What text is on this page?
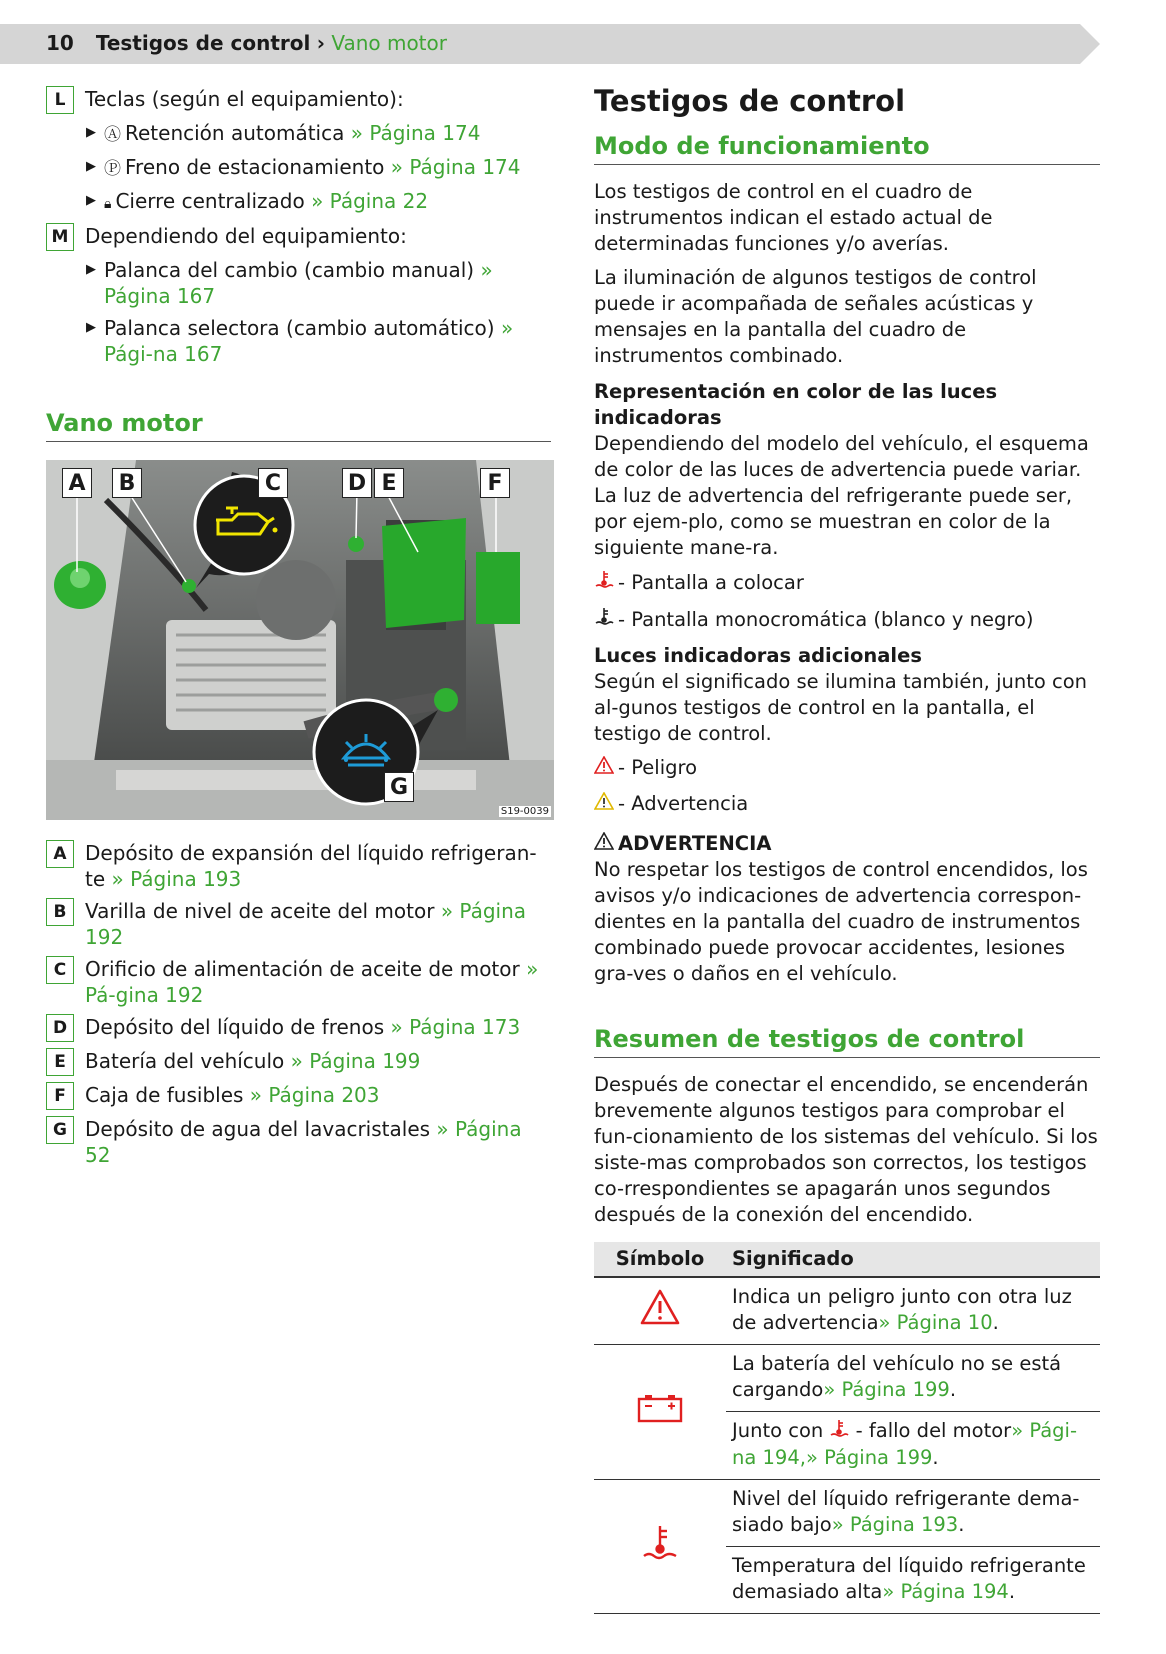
10 Testigos de control › Vano motor
L Teclas (según el equipamiento):
▶ Ⓐ Retención automática » Página 174
▶ Ⓟ Freno de estacionamiento » Página 174
▶ 🔒︎ Cierre centralizado » Página 22
M Dependiendo del equipamiento:
▶ Palanca del cambio (cambio manual) » Página 167
▶ Palanca selectora (cambio automático) » Pági-na 167
Vano motor
A	B	C	D E	F
G
S19-0039
A Depósito de expansión del líquido refrigeran-te » Página 193
B Varilla de nivel de aceite del motor » Página 192
C Orificio de alimentación de aceite de motor » Pá-gina 192
D Depósito del líquido de frenos » Página 173
E Batería del vehículo » Página 199
F Caja de fusibles » Página 203
G Depósito de agua del lavacristales » Página 52
Testigos de control
Modo de funcionamiento
Los testigos de control en el cuadro de instrumentos indican el estado actual de determinadas funciones y/o averías.
La iluminación de algunos testigos de control puede ir acompañada de señales acústicas y mensajes en la pantalla del cuadro de instrumentos combinado.
Representación en color de las luces indicadoras
Dependiendo del modelo del vehículo, el esquema de color de las luces de advertencia puede variar. La luz de advertencia del refrigerante puede ser, por ejem-plo, como se muestran en color de la siguiente mane-ra.
- Pantalla a colocar
- Pantalla monocromática (blanco y negro)
Luces indicadoras adicionales
Según el significado se ilumina también, junto con al-gunos testigos de control en la pantalla, el testigo de control.
- Peligro
- Advertencia
ADVERTENCIA
No respetar los testigos de control encendidos, los avisos y/o indicaciones de advertencia correspon-dientes en la pantalla del cuadro de instrumentos combinado puede provocar accidentes, lesiones gra-ves o daños en el vehículo.
Resumen de testigos de control
Después de conectar el encendido, se encenderán brevemente algunos testigos para comprobar el fun-cionamiento de los sistemas del vehículo. Si los siste-mas comprobados son correctos, los testigos co-rrespondientes se apagarán unos segundos después de la conexión del encendido.
Símbolo	Significado
	Indica un peligro junto con otra luz de advertencia» Página 10.
	La batería del vehículo no se está cargando» Página 199.
	Junto con - fallo del motor» Pági-na 194,» Página 199.
	Nivel del líquido refrigerante dema-siado bajo» Página 193.
	Temperatura del líquido refrigerante demasiado alta» Página 194.
